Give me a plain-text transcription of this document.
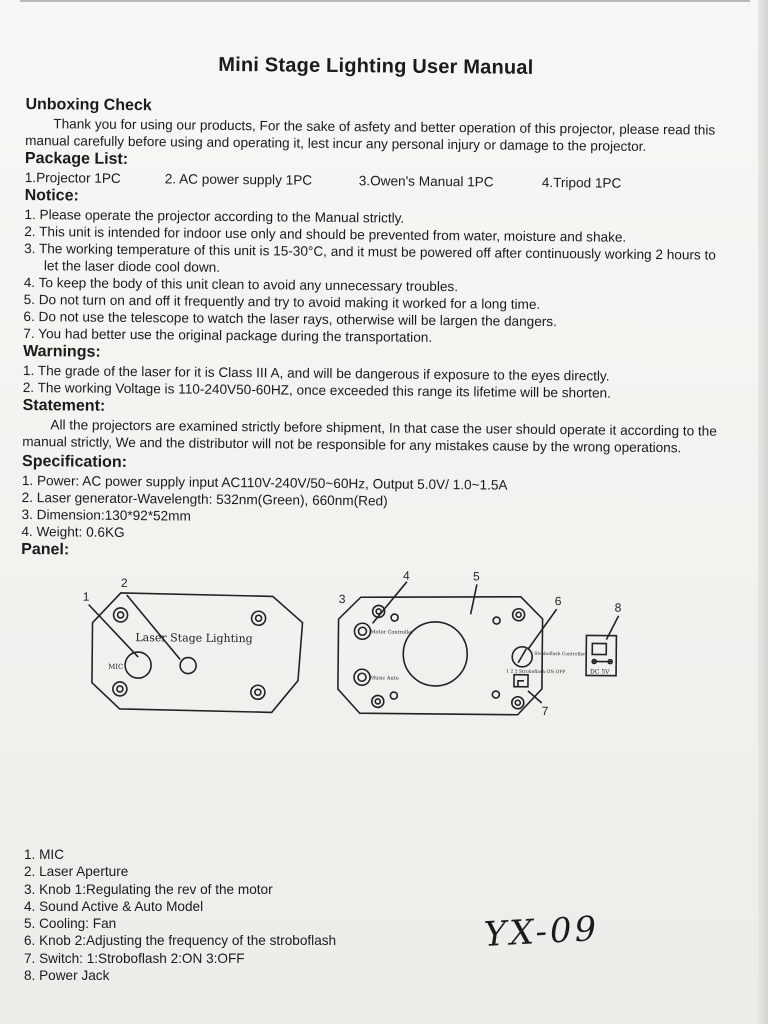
Mini Stage Lighting User Manual
Unboxing Check

Thank you for using our products, For the sake of asfety and better operation of this projector, please read this manual carefully before using and operating it, lest incur any personal injury or damage to the projector.

Package List:
1.Projector 1PC	2. AC power supply 1PC	3.Owen's Manual 1PC	4.Tripod 1PC
Notice:
1. Please operate the projector according to the Manual strictly.
2. This unit is intended for indoor use only and should be prevented from water, moisture and shake.
3. The working temperature of this unit is 15-30°C, and it must be powered off after continuously working 2 hours to let the laser diode cool down.
4. To keep the body of this unit clean to avoid any unnecessary troubles.
5. Do not turn on and off it frequently and try to avoid making it worked for a long time.
6. Do not use the telescope to watch the laser rays, otherwise will be largen the dangers.
7. You had better use the original package during the transportation.
Warnings:
1. The grade of the laser for it is Class III A, and will be dangerous if exposure to the eyes directly.
2. The working Voltage is 110-240V50-60HZ, once exceeded this range its lifetime will be shorten.
Statement:

All the projectors are examined strictly before shipment, In that case the user should operate it according to the manual strictly, We and the distributor will not be responsible for any mistakes cause by the wrong operations.

Specification:
1. Power: AC power supply input AC110V-240V/50~60Hz, Output 5.0V/ 1.0~1.5A
2. Laser generator-Wavelength: 532nm(Green), 660nm(Red)
3. Dimension:130*92*52mm
4. Weight: 0.6KG
Panel:
Laser Stage Lighting
MIC
1
2
Motor Controller
Music Auto
Stroboflash Controller
1 2 3 Stroboflash ON OFF	DC 5V
3
4	5
6
7
8
1. MIC
2. Laser Aperture
3. Knob 1:Regulating the rev of the motor
4. Sound Active & Auto Model
5. Cooling: Fan
6. Knob 2:Adjusting the frequency of the stroboflash
7. Switch: 1:Stroboflash 2:ON 3:OFF
8. Power Jack
YX-09
